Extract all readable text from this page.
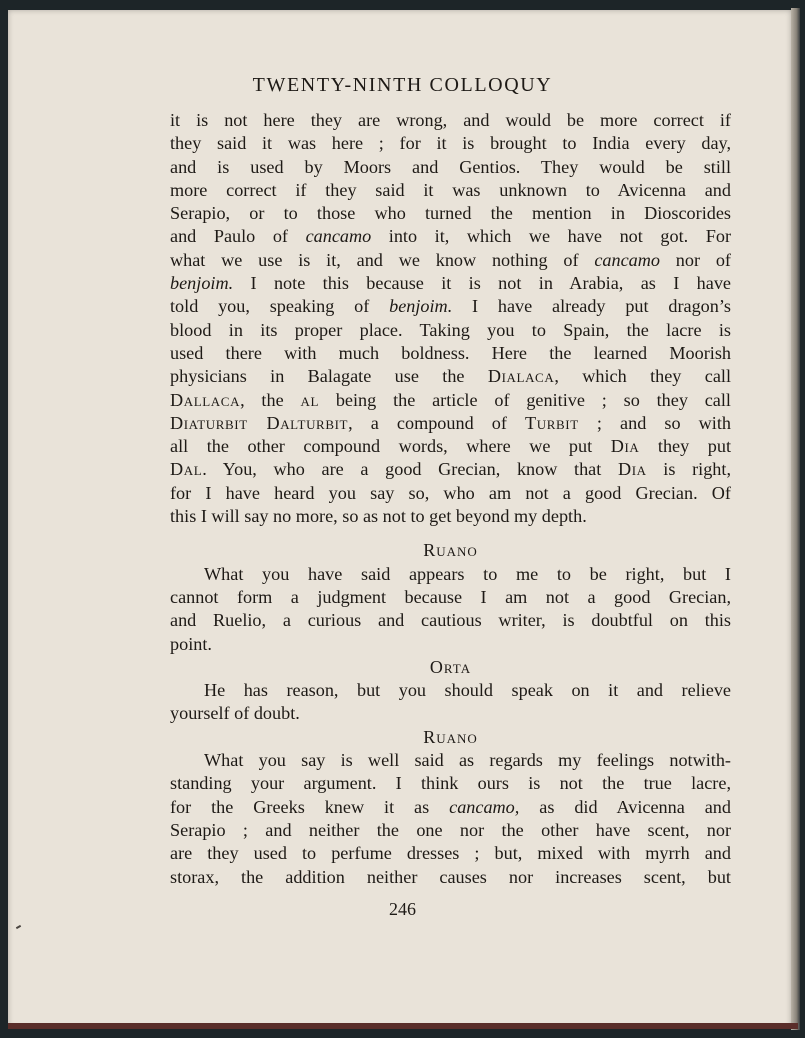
TWENTY-NINTH COLLOQUY

it is not here they are wrong, and would be more correct if
they said it was here ; for it is brought to India every day,
and is used by Moors and Gentios. They would be still
more correct if they said it was unknown to Avicenna and
Serapio, or to those who turned the mention in Dioscorides
and Paulo of cancamo into it, which we have not got. For
what we use is it, and we know nothing of cancamo nor of
benjoim. I note this because it is not in Arabia, as I have
told you, speaking of benjoim. I have already put dragon’s
blood in its proper place. Taking you to Spain, the lacre is
used there with much boldness. Here the learned Moorish
physicians in Balagate use the Dialaca, which they call
Dallaca, the al being the article of genitive ; so they call
Diaturbit Dalturbit, a compound of Turbit ; and so with
all the other compound words, where we put Dia they put
Dal. You, who are a good Grecian, know that Dia is right,
for I have heard you say so, who am not a good Grecian. Of
this I will say no more, so as not to get beyond my depth.

Ruano

What you have said appears to me to be right, but I
cannot form a judgment because I am not a good Grecian,
and Ruelio, a curious and cautious writer, is doubtful on this
point.

Orta

He has reason, but you should speak on it and relieve
yourself of doubt.

Ruano

What you say is well said as regards my feelings notwith-
standing your argument. I think ours is not the true lacre,
for the Greeks knew it as cancamo, as did Avicenna and
Serapio ; and neither the one nor the other have scent, nor
are they used to perfume dresses ; but, mixed with myrrh and
storax, the addition neither causes nor increases scent, but

246
